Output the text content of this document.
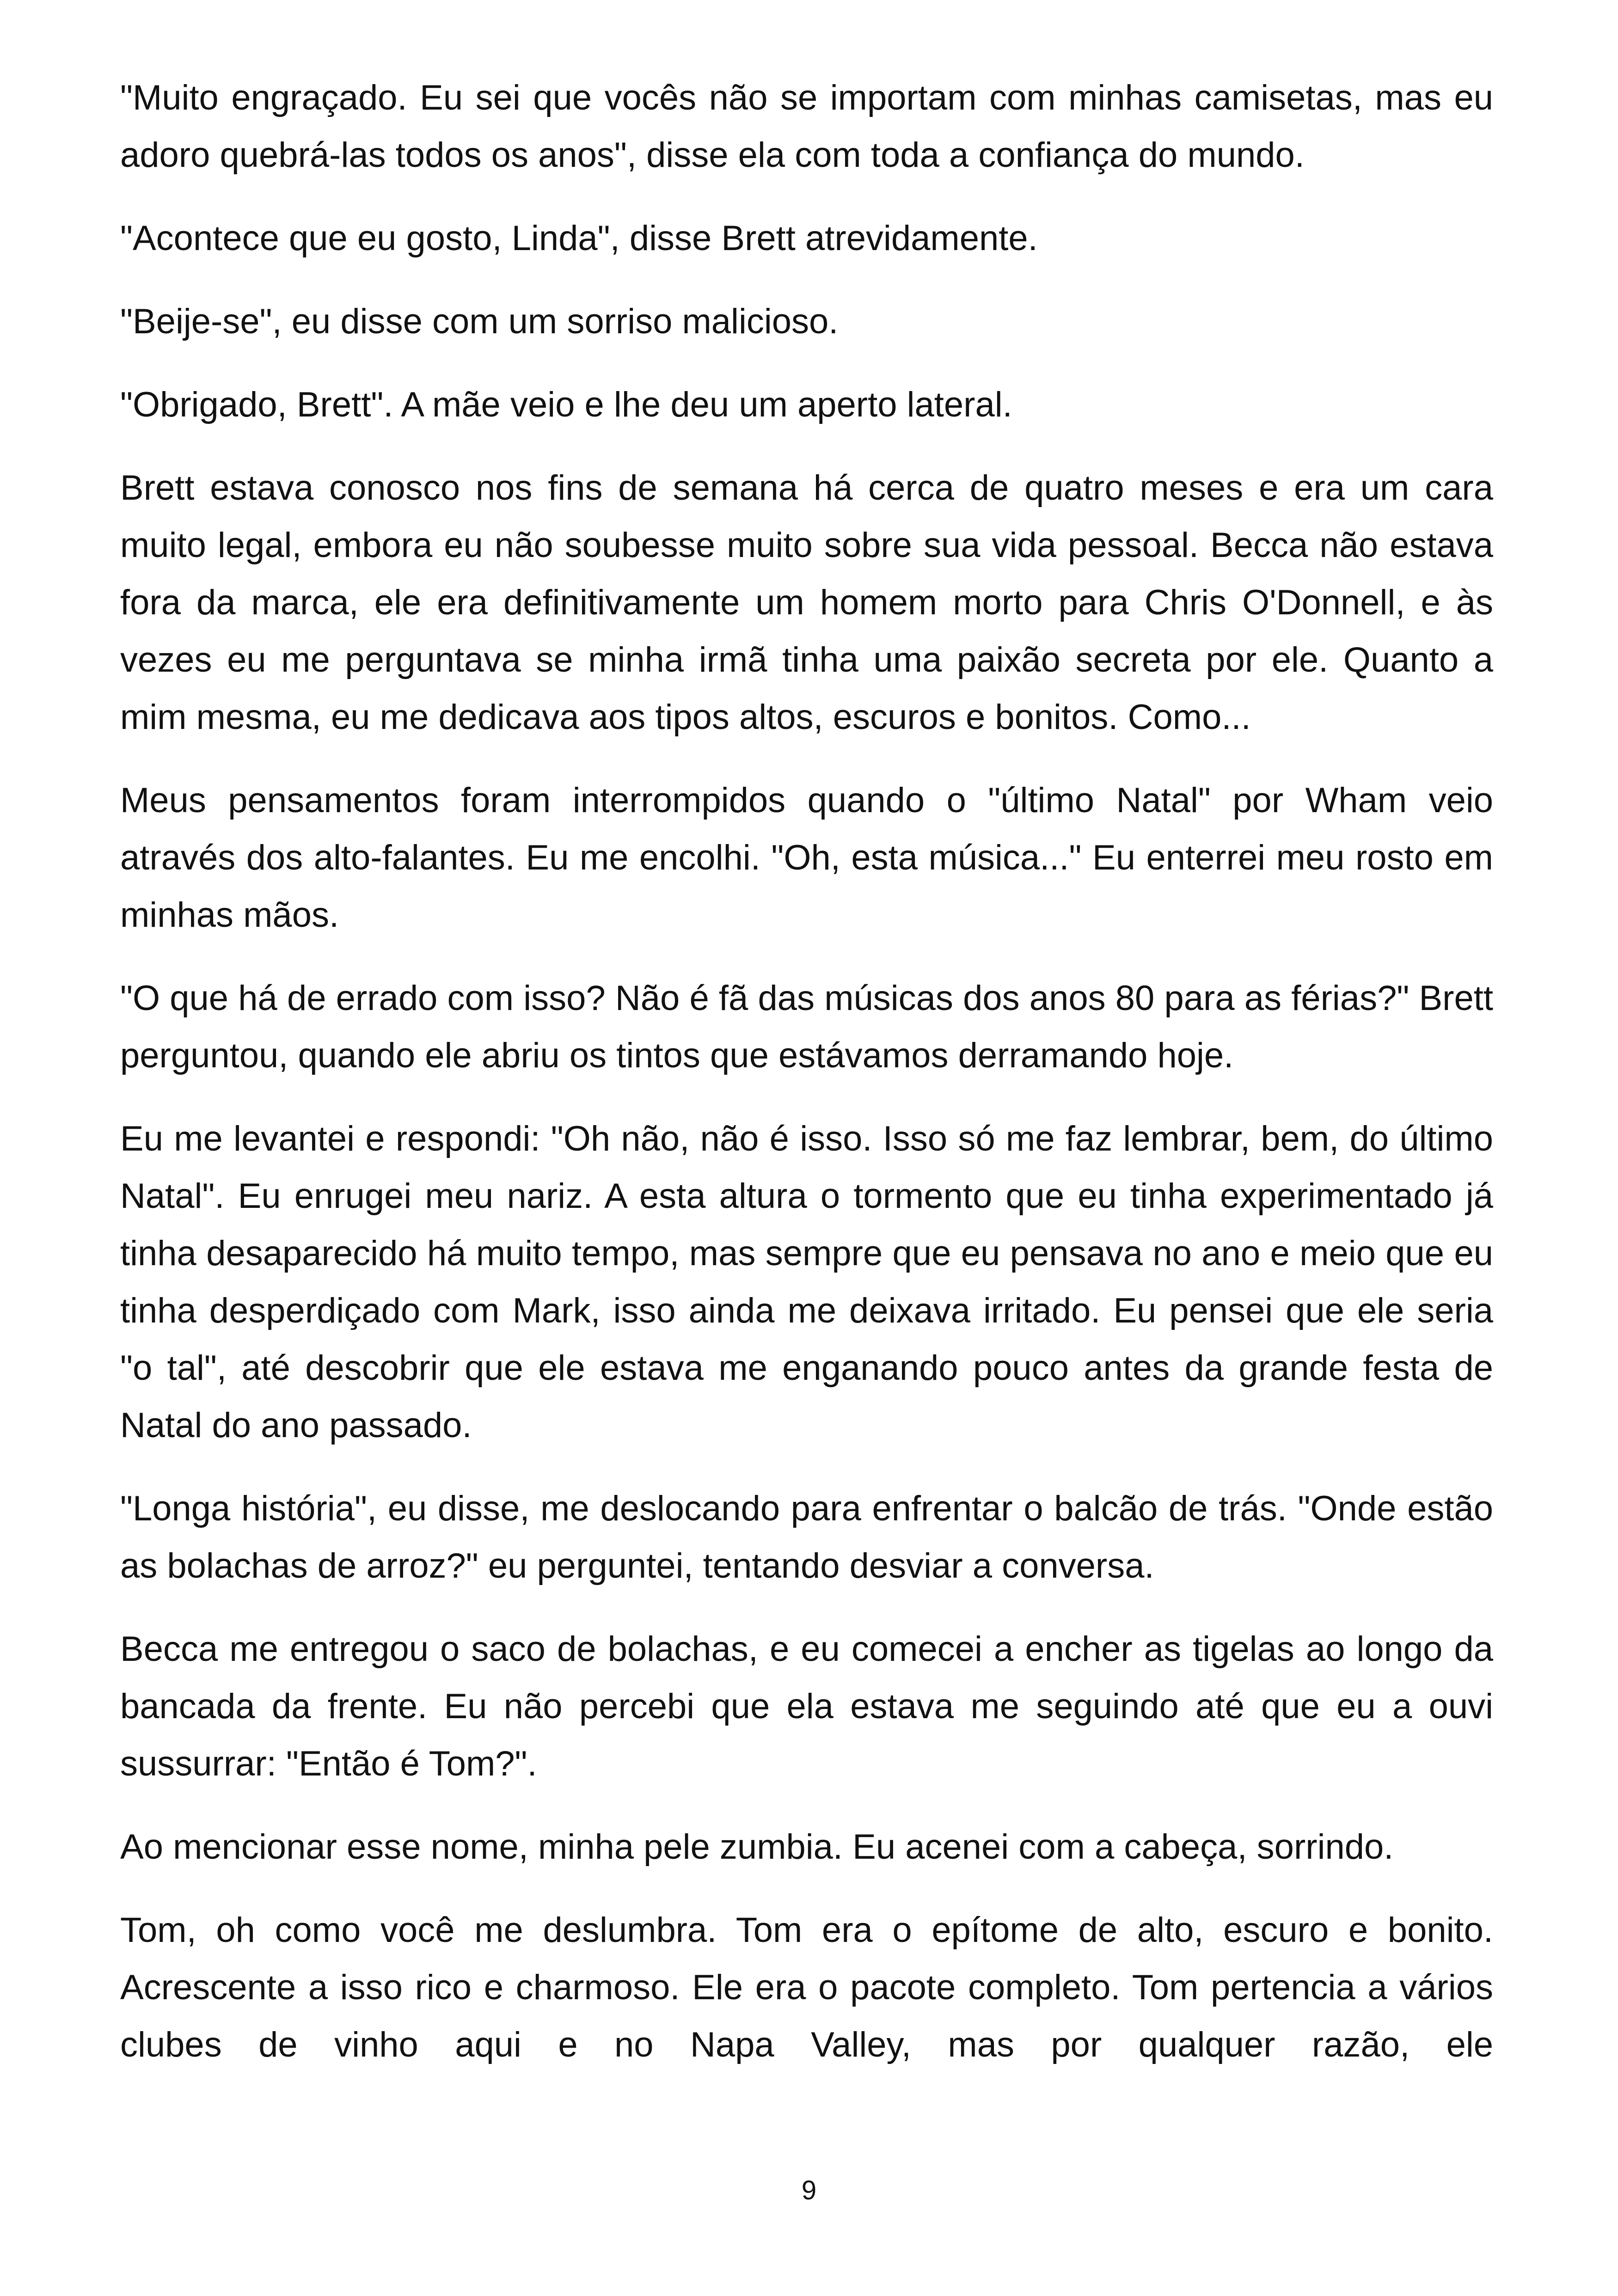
"Muito engraçado. Eu sei que vocês não se importam com minhas camisetas, mas eu adoro quebrá-las todos os anos", disse ela com toda a confiança do mundo.

"Acontece que eu gosto, Linda", disse Brett atrevidamente.

"Beije-se", eu disse com um sorriso malicioso.

"Obrigado, Brett". A mãe veio e lhe deu um aperto lateral.

Brett estava conosco nos fins de semana há cerca de quatro meses e era um cara muito legal, embora eu não soubesse muito sobre sua vida pessoal. Becca não estava fora da marca, ele era definitivamente um homem morto para Chris O'Donnell, e às vezes eu me perguntava se minha irmã tinha uma paixão secreta por ele. Quanto a mim mesma, eu me dedicava aos tipos altos, escuros e bonitos. Como...

Meus pensamentos foram interrompidos quando o "último Natal" por Wham veio através dos alto-falantes. Eu me encolhi. "Oh, esta música..." Eu enterrei meu rosto em minhas mãos.

"O que há de errado com isso? Não é fã das músicas dos anos 80 para as férias?" Brett perguntou, quando ele abriu os tintos que estávamos derramando hoje.

Eu me levantei e respondi: "Oh não, não é isso. Isso só me faz lembrar, bem, do último Natal". Eu enrugei meu nariz. A esta altura o tormento que eu tinha experimentado já tinha desaparecido há muito tempo, mas sempre que eu pensava no ano e meio que eu tinha desperdiçado com Mark, isso ainda me deixava irritado. Eu pensei que ele seria "o tal", até descobrir que ele estava me enganando pouco antes da grande festa de Natal do ano passado.

"Longa história", eu disse, me deslocando para enfrentar o balcão de trás. "Onde estão as bolachas de arroz?" eu perguntei, tentando desviar a conversa.

Becca me entregou o saco de bolachas, e eu comecei a encher as tigelas ao longo da bancada da frente. Eu não percebi que ela estava me seguindo até que eu a ouvi sussurrar: "Então é Tom?".

Ao mencionar esse nome, minha pele zumbia. Eu acenei com a cabeça, sorrindo.

Tom, oh como você me deslumbra. Tom era o epítome de alto, escuro e bonito. Acrescente a isso rico e charmoso. Ele era o pacote completo. Tom pertencia a vários clubes de vinho aqui e no Napa Valley, mas por qualquer razão, ele

9
